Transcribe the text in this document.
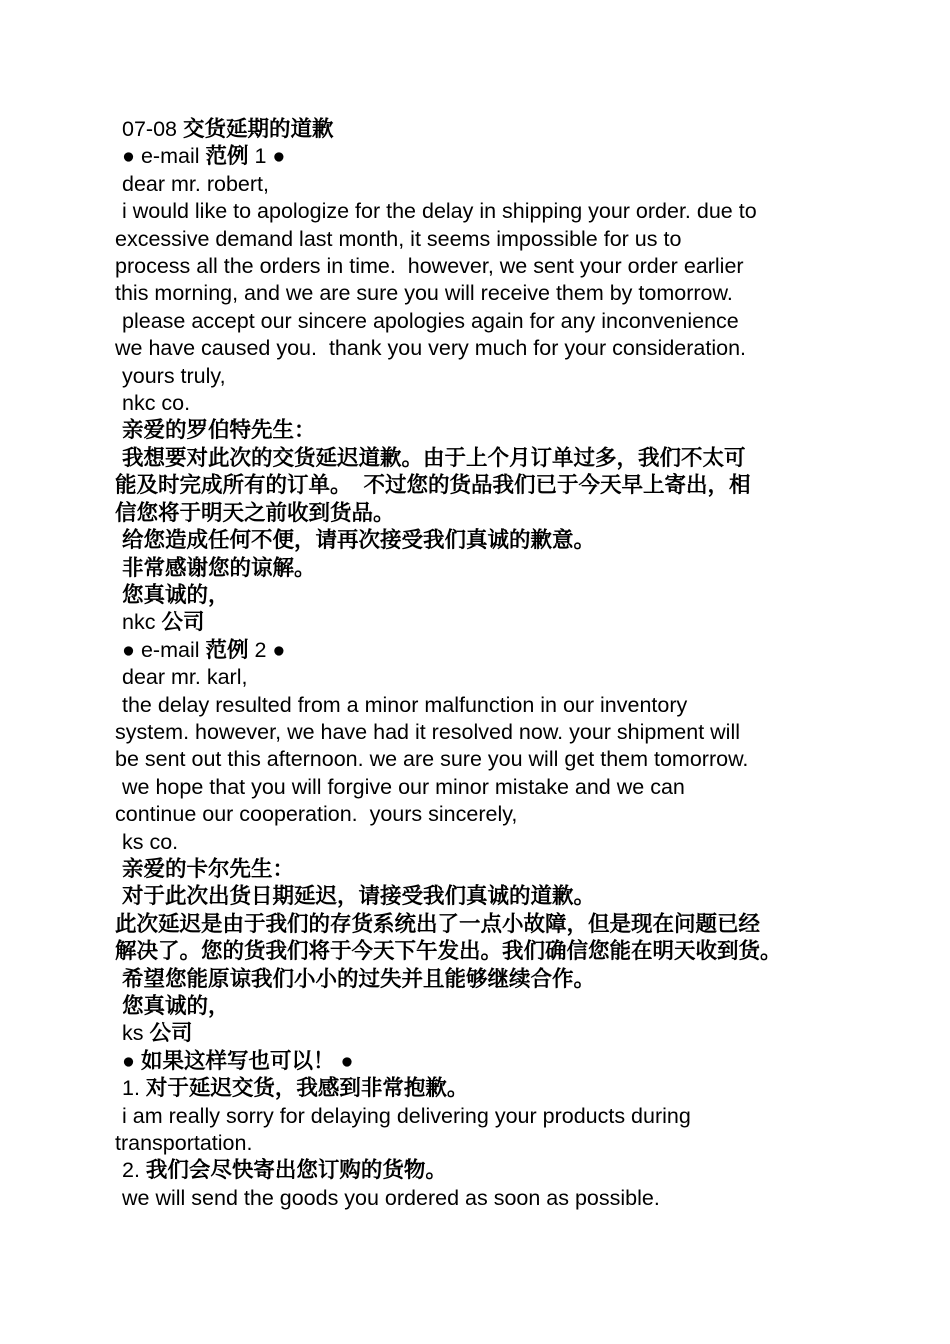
07-08 交货延期的道歉
● e-mail 范例 1 ●
dear mr. robert,
i would like to apologize for the delay in shipping your order. due to
excessive demand last month, it seems impossible for us to
process all the orders in time.  however, we sent your order earlier
this morning, and we are sure you will receive them by tomorrow.
please accept our sincere apologies again for any inconvenience
we have caused you.  thank you very much for your consideration.
yours truly,
nkc co.
亲爱的罗伯特先生：
我想要对此次的交货延迟道歉。由于上个月订单过多，我们不太可
能及时完成所有的订单。  不过您的货品我们已于今天早上寄出，相
信您将于明天之前收到货品。
给您造成任何不便，请再次接受我们真诚的歉意。
非常感谢您的谅解。
您真诚的，
nkc 公司
● e-mail 范例 2 ●
dear mr. karl,
the delay resulted from a minor malfunction in our inventory
system. however, we have had it resolved now. your shipment will
be sent out this afternoon. we are sure you will get them tomorrow.
we hope that you will forgive our minor mistake and we can
continue our cooperation.  yours sincerely,
ks co.
亲爱的卡尔先生：
对于此次出货日期延迟，请接受我们真诚的道歉。
此次延迟是由于我们的存货系统出了一点小故障，但是现在问题已经
解决了。您的货我们将于今天下午发出。我们确信您能在明天收到货。
希望您能原谅我们小小的过失并且能够继续合作。
您真诚的，
ks 公司
● 如果这样写也可以！ ●
1. 对于延迟交货，我感到非常抱歉。
i am really sorry for delaying delivering your products during
transportation.
2. 我们会尽快寄出您订购的货物。
we will send the goods you ordered as soon as possible.
